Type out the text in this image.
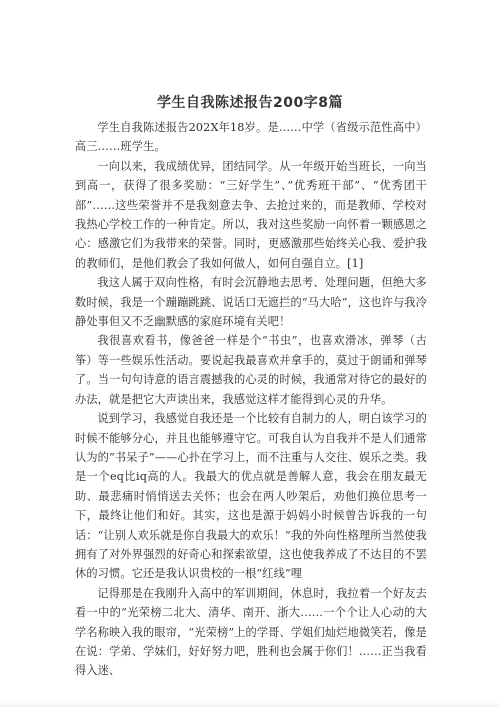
学生自我陈述报告200字8篇

学生自我陈述报告202X年18岁。是……中学（省级示范性高中）高三……班学生。

一向以来，我成绩优异，团结同学。从一年级开始当班长，一向当到高一，获得了很多奖励：“三好学生”、”优秀班干部”、“优秀团干部”……这些荣誉并不是我刻意去争、去抢过来的，而是教师、学校对我热心学校工作的一种肯定。所以，我对这些奖励一向怀着一颗感恩之心：感激它们为我带来的荣誉。同时，更感激那些始终关心我、爱护我的教师们，是他们教会了我如何做人，如何自强自立。[1]

我这人属于双向性格，有时会沉静地去思考、处理问题，但绝大多数时候，我是一个蹦蹦跳跳、说话口无遮拦的“马大哈”，这也许与我冷静处事但又不乏幽默感的家庭环境有关吧！

我很喜欢看书，像爸爸一样是个“书虫”，也喜欢滑冰，弹琴（古筝）等一些娱乐性活动。要说起我最喜欢并拿手的，莫过于朗诵和弹琴了。当一句句诗意的语言震撼我的心灵的时候，我通常对待它的最好的办法，就是把它大声读出来，我感觉这样才能得到心灵的升华。

说到学习，我感觉自我还是一个比较有自制力的人，明白该学习的时候不能够分心，并且也能够遵守它。可我自认为自我并不是人们通常认为的“书呆子”——心扑在学习上，而不注重与人交往、娱乐之类。我是一个eq比iq高的人。我最大的优点就是善解人意，我会在朋友最无助、最悲痛时悄悄送去关怀；也会在两人吵架后，劝他们换位思考一下，最终让他们和好。其实，这也是源于妈妈小时候曾告诉我的一句话：“让别人欢乐就是你自我最大的欢乐！”我的外向性格理所当然使我拥有了对外界强烈的好奇心和探索欲望，这也使我养成了不达目的不罢休的习惯。它还是我认识贵校的一根“红线”哩

记得那是在我刚升入高中的军训期间，休息时，我拉着一个好友去看一中的“光荣榜二北大、清华、南开、浙大……一个个让人心动的大学名称映入我的眼帘，“光荣榜”上的学哥、学姐们灿烂地微笑若，像是在说：学弟、学妹们，好好努力吧，胜利也会属于你们！……正当我看得入迷、
